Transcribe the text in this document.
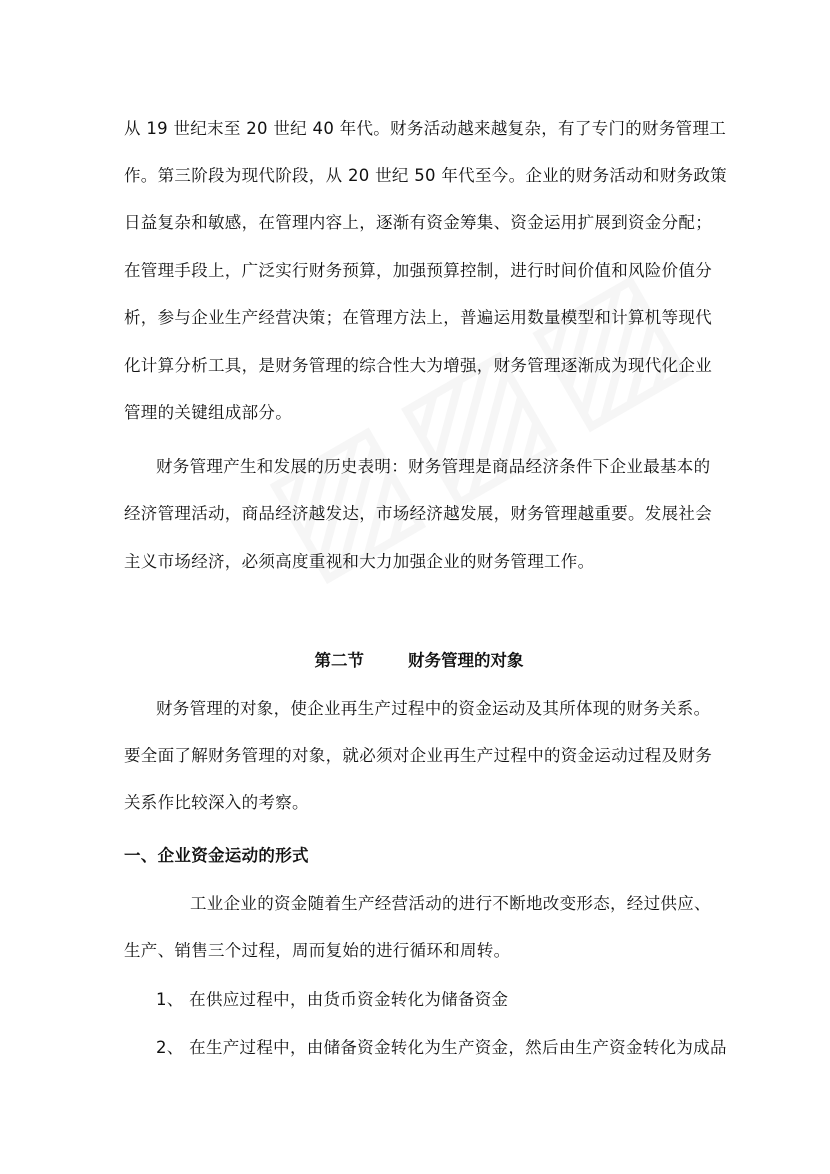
从 19 世纪末至 20 世纪 40 年代。财务活动越来越复杂，有了专门的财务管理工
作。第三阶段为现代阶段，从 20 世纪 50 年代至今。企业的财务活动和财务政策
日益复杂和敏感，在管理内容上，逐渐有资金筹集、资金运用扩展到资金分配；
在管理手段上，广泛实行财务预算，加强预算控制，进行时间价值和风险价值分
析，参与企业生产经营决策；在管理方法上，普遍运用数量模型和计算机等现代
化计算分析工具，是财务管理的综合性大为增强，财务管理逐渐成为现代化企业
管理的关键组成部分。
财务管理产生和发展的历史表明：财务管理是商品经济条件下企业最基本的
经济管理活动，商品经济越发达，市场经济越发展，财务管理越重要。发展社会
主义市场经济，必须高度重视和大力加强企业的财务管理工作。
第二节	财务管理的对象
财务管理的对象，使企业再生产过程中的资金运动及其所体现的财务关系。
要全面了解财务管理的对象，就必须对企业再生产过程中的资金运动过程及财务
关系作比较深入的考察。
一、企业资金运动的形式
工业企业的资金随着生产经营活动的进行不断地改变形态，经过供应、
生产、销售三个过程，周而复始的进行循环和周转。
1、 在供应过程中，由货币资金转化为储备资金
2、 在生产过程中，由储备资金转化为生产资金，然后由生产资金转化为成品
